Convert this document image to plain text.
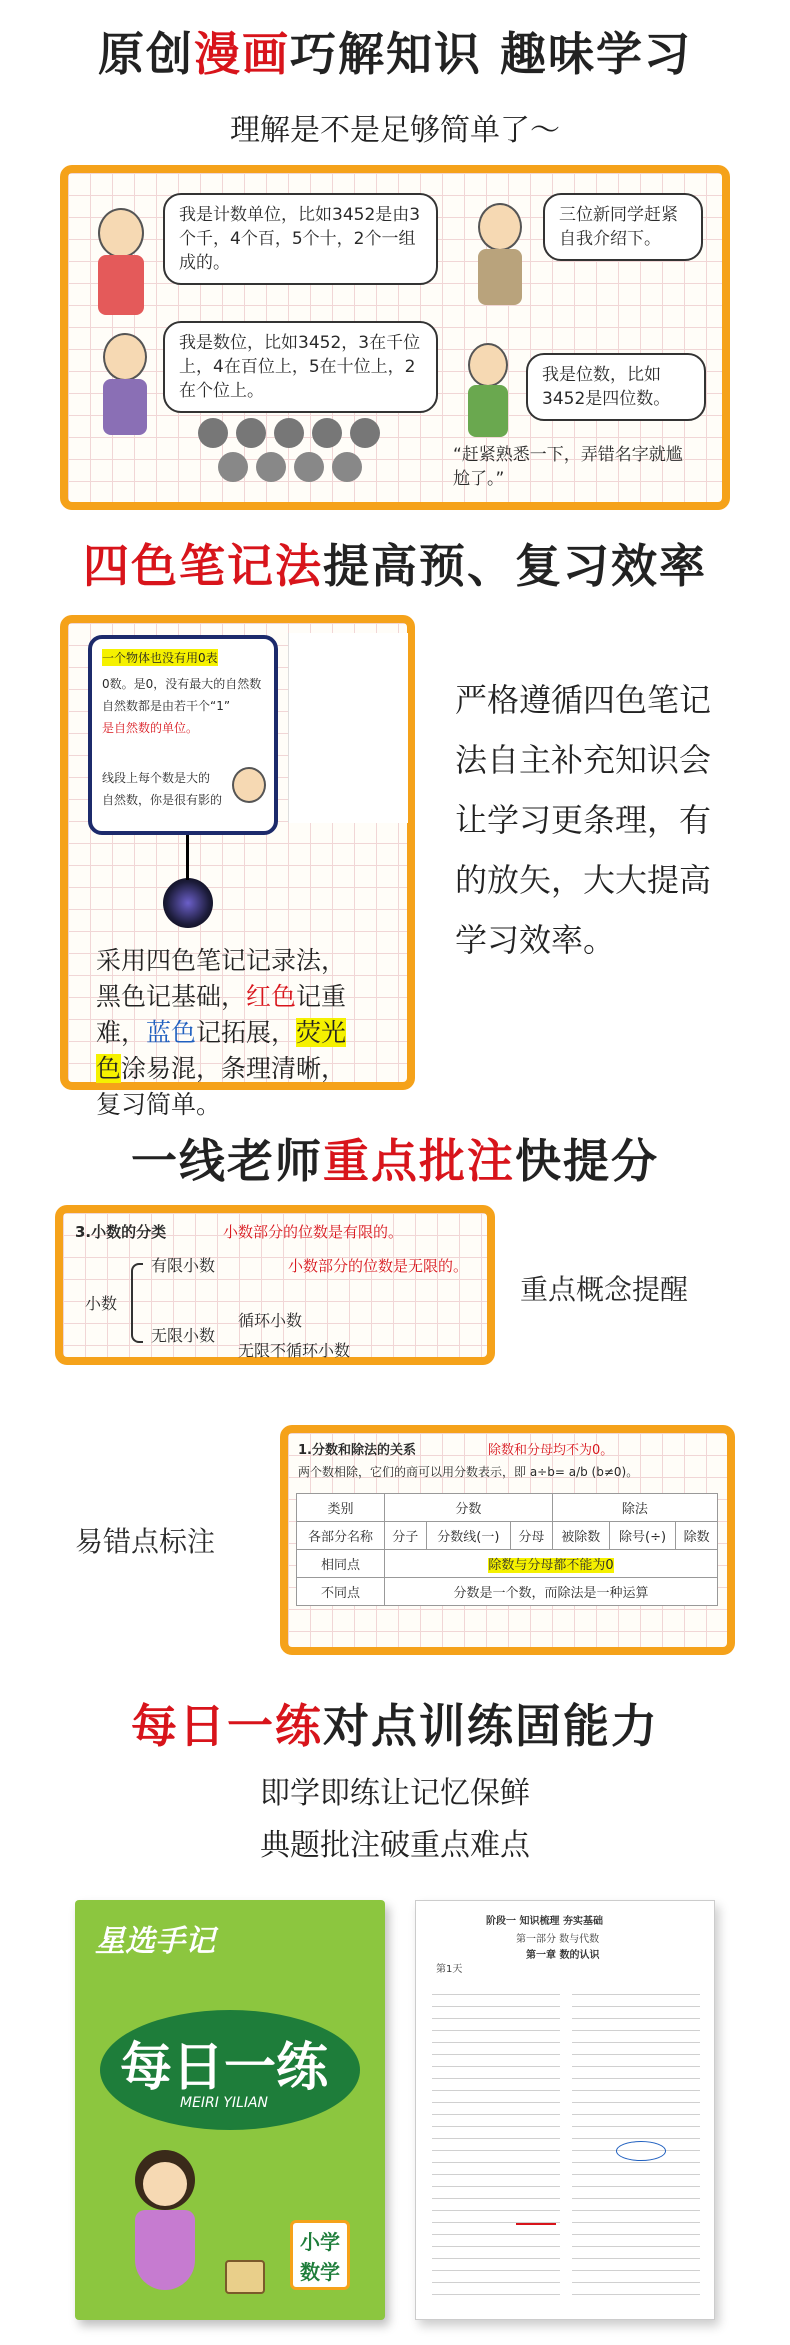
原创漫画巧解知识 趣味学习
理解是不是足够简单了～
我是计数单位，比如3452是由3个千，4个百，5个十，2个一组成的。
三位新同学赶紧自我介绍下。
我是数位，比如3452，3在千位上，4在百位上，5在十位上，2在个位上。
我是位数，比如3452是四位数。
“赶紧熟悉一下，弄错名字就尴尬了。”
四色笔记法提高预、复习效率
一个物体也没有用0表
0数。是0，没有最大的自然数
自然数都是由若干个“1”
是自然数的单位。
线段上每个数是大的
自然数，你是很有影的
采用四色笔记记录法，
黑色记基础，红色记重
难，蓝色记拓展，荧光
色涂易混，条理清晰，
复习简单。
严格遵循四色笔记
法自主补充知识会
让学习更条理，有
的放矢，大大提高
学习效率。
一线老师重点批注快提分
3.小数的分类	小数部分的位数是有限的。
小数部分的位数是无限的。
小数
有限小数
无限小数
循环小数
无限不循环小数
重点概念提醒
易错点标注
1.分数和除法的关系	除数和分母均不为0。
两个数相除，它们的商可以用分数表示，即 a÷b= a/b (b≠0)。
类别	分数			除法		
各部分名称	分子	分数线(一)	分母	被除数	除号(÷)	除数
相同点	除数与分母都不能为0					
不同点	分数是一个数，而除法是一种运算					
每日一练对点训练固能力
即学即练让记忆保鲜
典题批注破重点难点
星选手记
每日一练
MEIRI YILIAN
小学
数学
阶段一 知识梳理 夯实基础
第一部分 数与代数
第一章 数的认识
第1天
